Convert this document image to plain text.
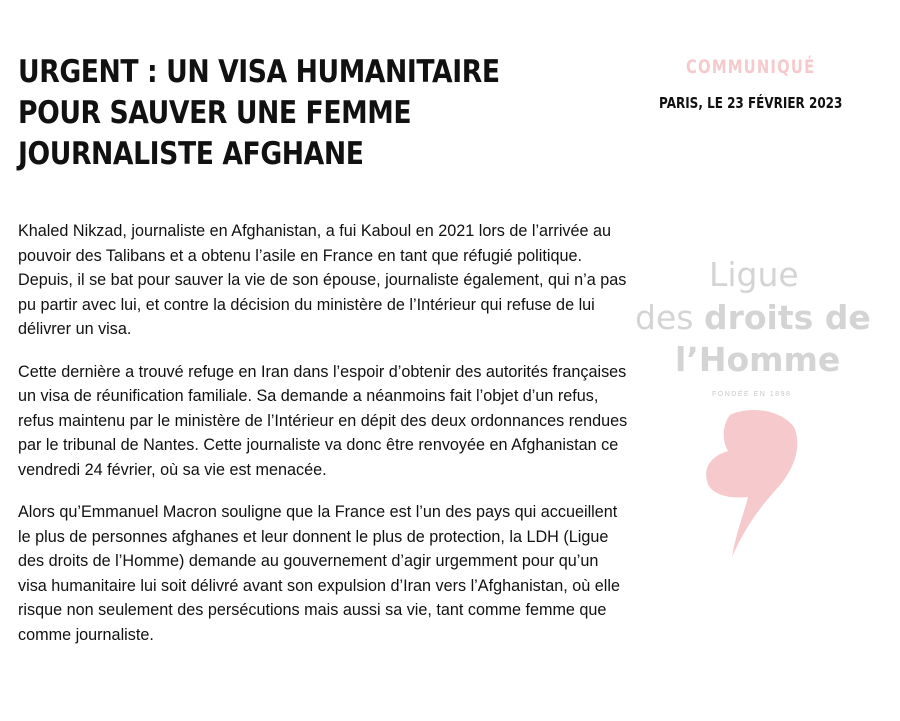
URGENT : UN VISA HUMANITAIRE
POUR SAUVER UNE FEMME
JOURNALISTE AFGHANE
COMMUNIQUÉ
PARIS, LE 23 FÉVRIER 2023

Khaled Nikzad, journaliste en Afghanistan, a fui Kaboul en 2021 lors de l’arrivée au pouvoir des Talibans et a obtenu l’asile en France en tant que réfugié politique. Depuis, il se bat pour sauver la vie de son épouse, journaliste également, qui n’a pas pu partir avec lui, et contre la décision du ministère de l’Intérieur qui refuse de lui délivrer un visa.

Cette dernière a trouvé refuge en Iran dans l’espoir d’obtenir des autorités françaises un visa de réunification familiale. Sa demande a néanmoins fait l’objet d’un refus, refus maintenu par le ministère de l’Intérieur en dépit des deux ordonnances rendues par le tribunal de Nantes. Cette journaliste va donc être renvoyée en Afghanistan ce vendredi 24 février, où sa vie est menacée.

Alors qu’Emmanuel Macron souligne que la France est l’un des pays qui accueillent le plus de personnes afghanes et leur donnent le plus de protection, la LDH (Ligue des droits de l’Homme) demande au gouvernement d’agir urgemment pour qu’un visa humanitaire lui soit délivré avant son expulsion d’Iran vers l’Afghanistan, où elle risque non seulement des persécutions mais aussi sa vie, tant comme femme que comme journaliste.

Ligue
des droits de
l’Homme
FONDÉE EN 1898
